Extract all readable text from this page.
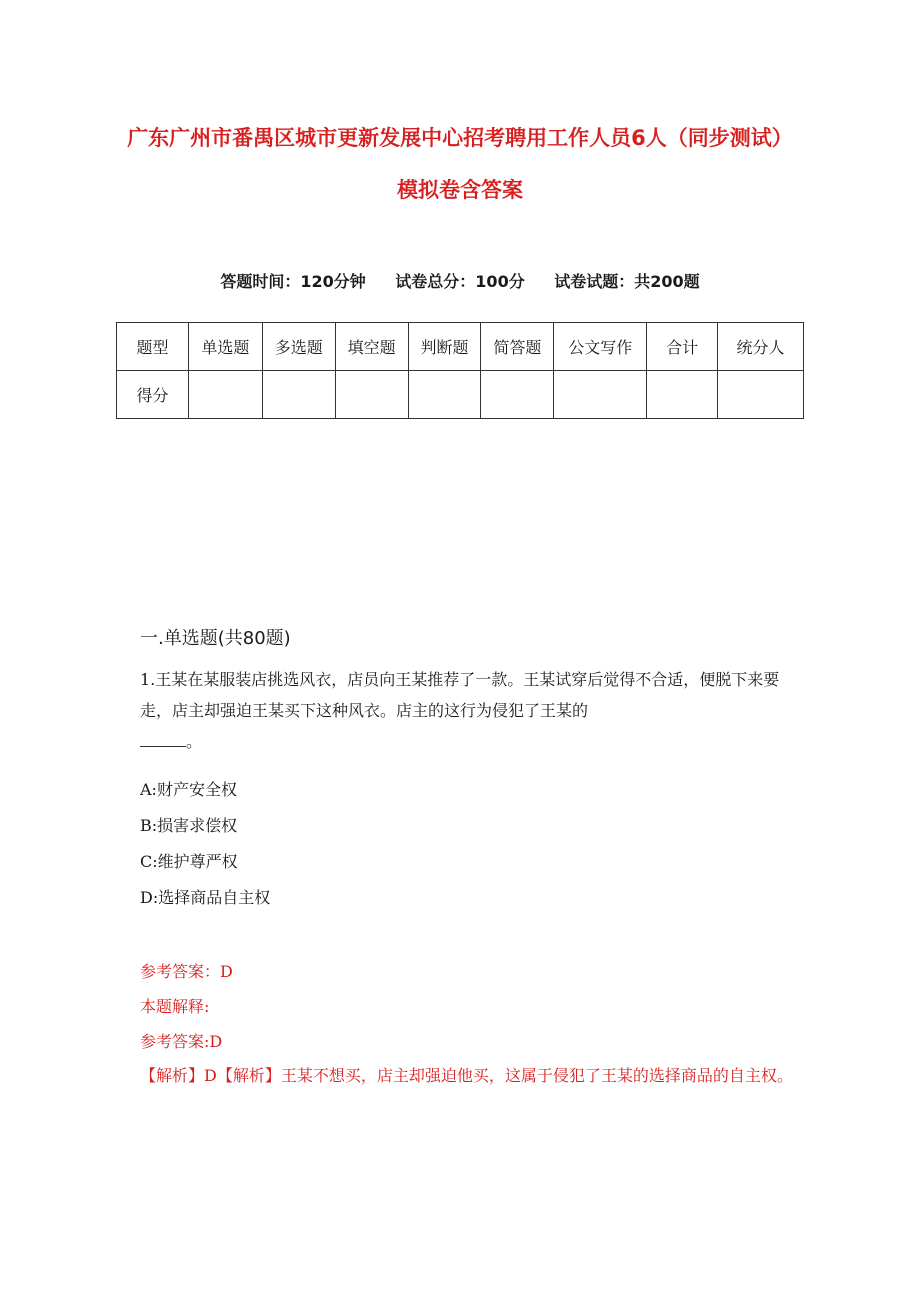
广东广州市番禺区城市更新发展中心招考聘用工作人员6人（同步测试）模拟卷含答案
答题时间：120分钟 试卷总分：100分 试卷试题：共200题
题型	单选题	多选题	填空题	判断题	简答题	公文写作	合计	统分人
得分								
一.单选题(共80题)

1.王某在某服装店挑选风衣，店员向王某推荐了一款。王某试穿后觉得不合适，便脱下来要走，店主却强迫王某买下这种风衣。店主的这行为侵犯了王某的
。

A:财产安全权
B:损害求偿权
C:维护尊严权
D:选择商品自主权
参考答案：D
本题解释:
参考答案:D
【解析】D【解析】王某不想买，店主却强迫他买，这属于侵犯了王某的选择商品的自主权。
